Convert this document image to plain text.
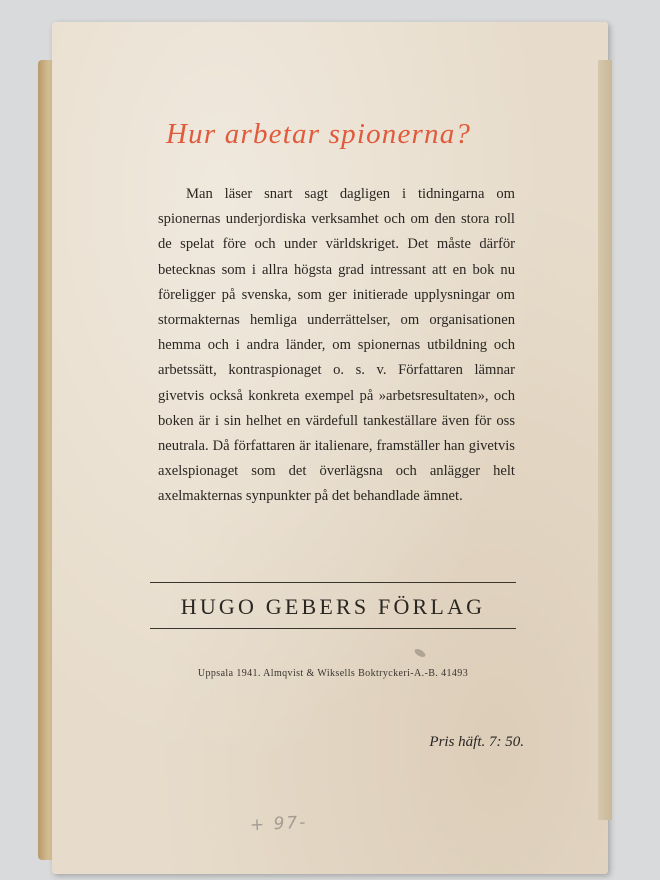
Hur arbetar spionerna?

Man läser snart sagt dagligen i tidningarna om spionernas underjordiska verksamhet och om den stora roll de spelat före och under världskriget. Det måste därför betecknas som i allra högsta grad intressant att en bok nu föreligger på svenska, som ger initierade upplysningar om stormakternas hemliga underrättelser, om organisationen hemma och i andra länder, om spionernas utbildning och arbetssätt, kontraspionaget o. s. v. Författaren lämnar givetvis också konkreta exempel på »arbetsresultaten», och boken är i sin helhet en värdefull tankeställare även för oss neutrala. Då författaren är italienare, framställer han givetvis axelspionaget som det överlägsna och anlägger helt axelmakternas synpunkter på det behandlade ämnet.

HUGO GEBERS FÖRLAG
Uppsala 1941. Almqvist & Wiksells Boktryckeri-A.-B. 41493
Pris häft. 7: 50.
+ 97-
